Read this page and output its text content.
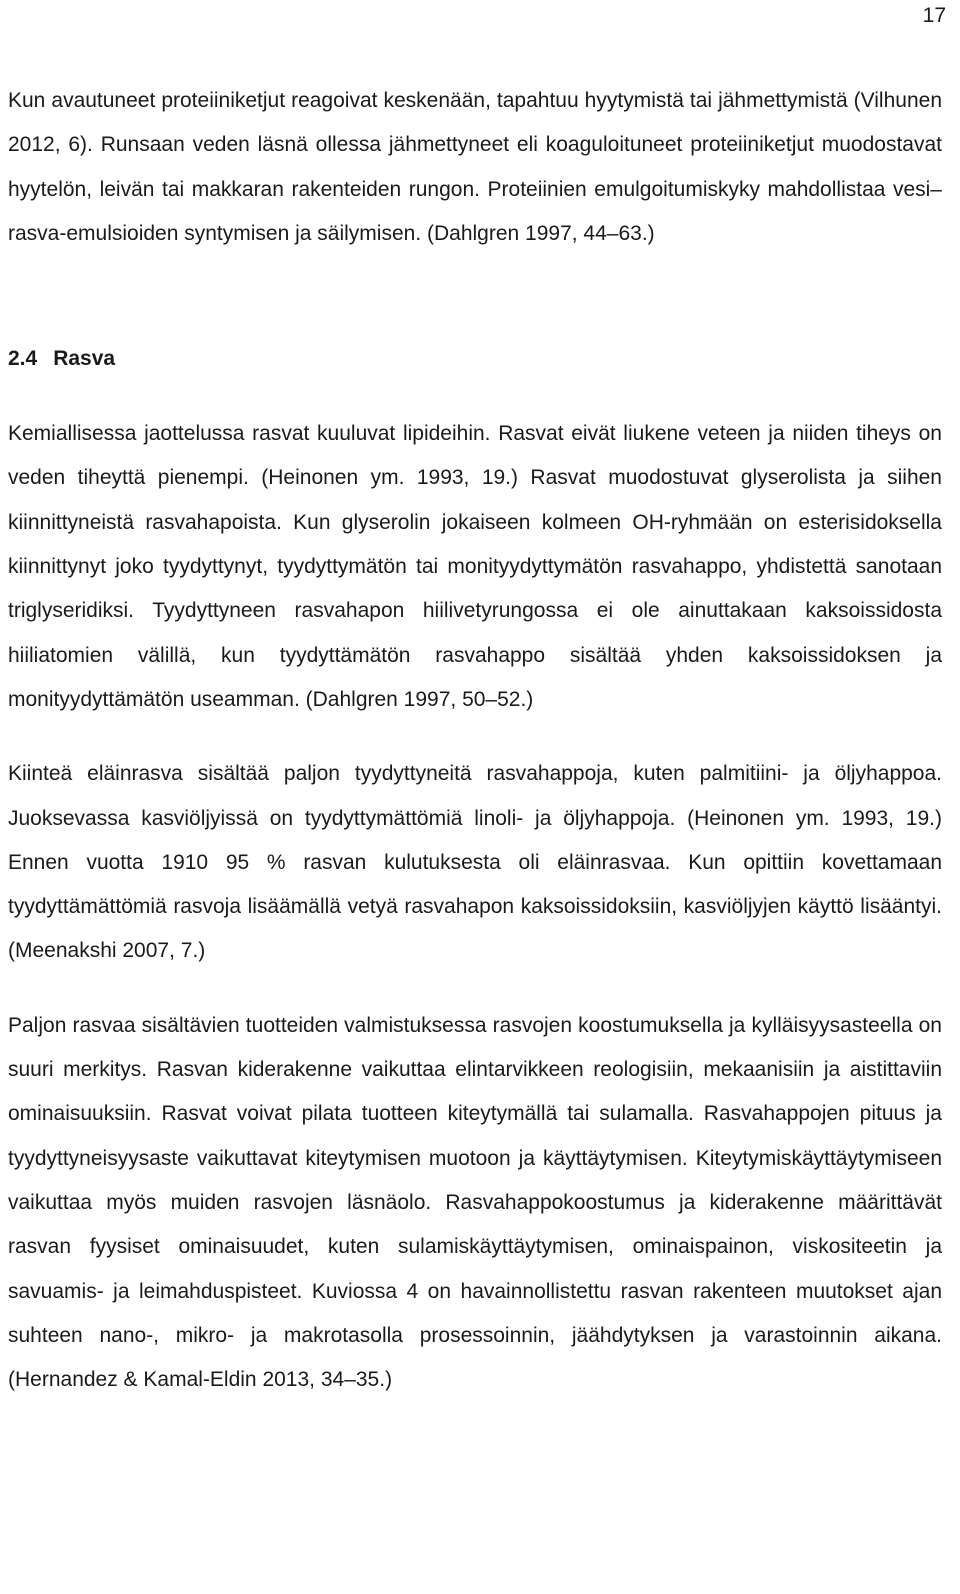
17

Kun avautuneet proteiiniketjut reagoivat keskenään, tapahtuu hyytymistä tai jähmettymistä (Vilhunen 2012, 6). Runsaan veden läsnä ollessa jähmettyneet eli koaguloituneet proteiiniketjut muodostavat hyytelön, leivän tai makkaran rakenteiden rungon. Proteiinien emulgoitumiskyky mahdollistaa vesi–rasva-emulsioiden syntymisen ja säilymisen. (Dahlgren 1997, 44–63.)

2.4 Rasva

Kemiallisessa jaottelussa rasvat kuuluvat lipideihin. Rasvat eivät liukene veteen ja niiden tiheys on veden tiheyttä pienempi. (Heinonen ym. 1993, 19.) Rasvat muodostuvat glyserolista ja siihen kiinnittyneistä rasvahapoista. Kun glyserolin jokaiseen kolmeen OH-ryhmään on esterisidoksella kiinnittynyt joko tyydyttynyt, tyydyttymätön tai monityydyttymätön rasvahappo, yhdistettä sanotaan triglyseridiksi. Tyydyttyneen rasvahapon hiilivetyrungossa ei ole ainuttakaan kaksoissidosta hiiliatomien välillä, kun tyydyttämätön rasvahappo sisältää yhden kaksoissidoksen ja monityydyttämätön useamman. (Dahlgren 1997, 50–52.)

Kiinteä eläinrasva sisältää paljon tyydyttyneitä rasvahappoja, kuten palmitiini- ja öljyhappoa. Juoksevassa kasviöljyissä on tyydyttymättömiä linoli- ja öljyhappoja. (Heinonen ym. 1993, 19.) Ennen vuotta 1910 95 % rasvan kulutuksesta oli eläinrasvaa. Kun opittiin kovettamaan tyydyttämättömiä rasvoja lisäämällä vetyä rasvahapon kaksoissidoksiin, kasviöljyjen käyttö lisääntyi. (Meenakshi 2007, 7.)

Paljon rasvaa sisältävien tuotteiden valmistuksessa rasvojen koostumuksella ja kylläisyysasteella on suuri merkitys. Rasvan kiderakenne vaikuttaa elintarvikkeen reologisiin, mekaanisiin ja aistittaviin ominaisuuksiin. Rasvat voivat pilata tuotteen kiteytymällä tai sulamalla. Rasvahappojen pituus ja tyydyttyneisyysaste vaikuttavat kiteytymisen muotoon ja käyttäytymisen. Kiteytymiskäyttäytymiseen vaikuttaa myös muiden rasvojen läsnäolo. Rasvahappokoostumus ja kiderakenne määrittävät rasvan fyysiset ominaisuudet, kuten sulamiskäyttäytymisen, ominaispainon, viskositeetin ja savuamis- ja leimahduspisteet. Kuviossa 4 on havainnollistettu rasvan rakenteen muutokset ajan suhteen nano-, mikro- ja makrotasolla prosessoinnin, jäähdytyksen ja varastoinnin aikana. (Hernandez & Kamal-Eldin 2013, 34–35.)
